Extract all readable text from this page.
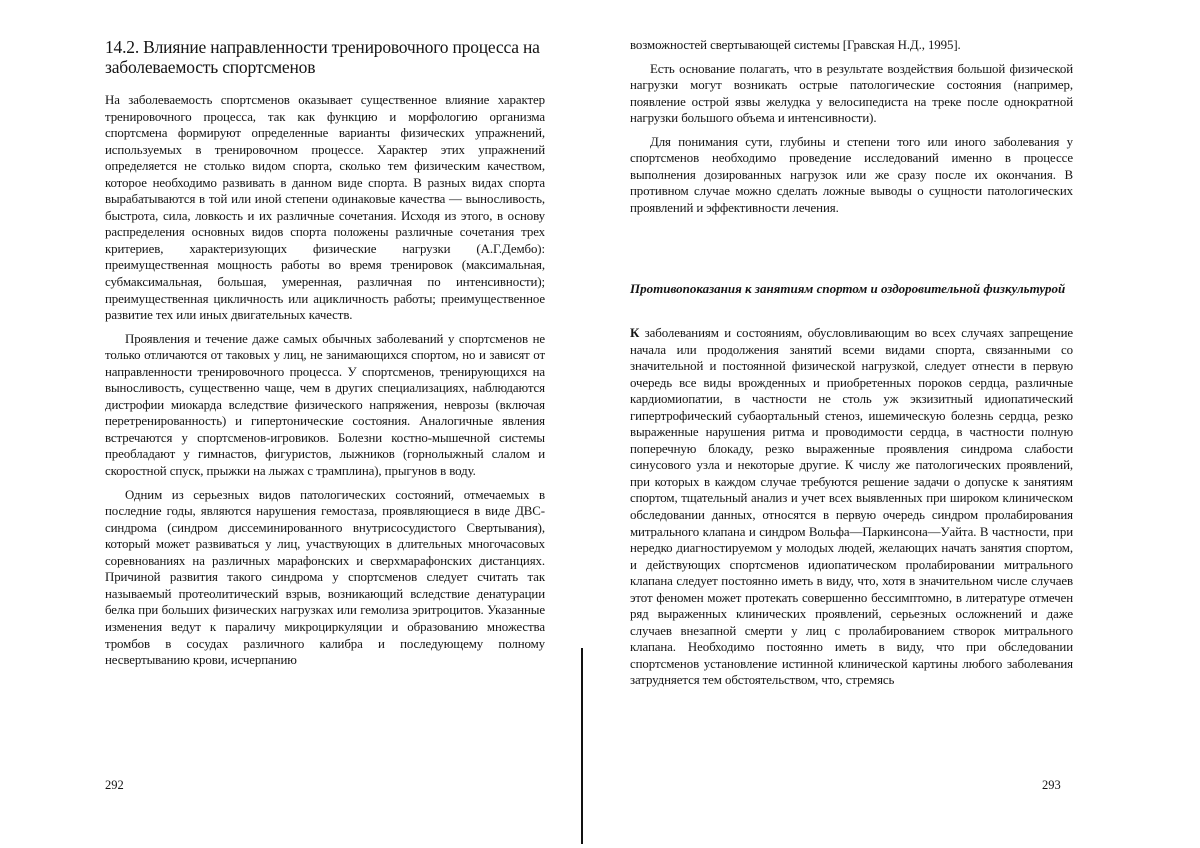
14.2. Влияние направленности тренировочного процесса на заболеваемость спортсменов

На заболеваемость спортсменов оказывает существенное влияние характер тренировочного процесса, так как функцию и морфологию организма спортсмена формируют определенные варианты физических упражнений, используемых в тренировочном процессе. Характер этих упражнений определяется не столько видом спорта, сколько тем физическим качеством, которое необходимо развивать в данном виде спорта. В разных видах спорта вырабатываются в той или иной степени одинаковые качества — выносливость, быстрота, сила, ловкость и их различные сочетания. Исходя из этого, в основу распределения основных видов спорта положены различные сочетания трех критериев, характеризующих физические нагрузки (А.Г.Дембо): преимущественная мощность работы во время тренировок (максимальная, субмаксимальная, большая, умеренная, различная по интенсивности); преимущественная цикличность или ацикличность работы; преимущественное развитие тех или иных двигательных качеств.

Проявления и течение даже самых обычных заболеваний у спортсменов не только отличаются от таковых у лиц, не занимающихся спортом, но и зависят от направленности тренировочного процесса. У спортсменов, тренирующихся на выносливость, существенно чаще, чем в других специализациях, наблюдаются дистрофии миокарда вследствие физического напряжения, неврозы (включая перетренированность) и гипертонические состояния. Аналогичные явления встречаются у спортсменов-игровиков. Болезни костно-мышечной системы преобладают у гимнастов, фигуристов, лыжников (горнолыжный слалом и скоростной спуск, прыжки на лыжах с трамплина), прыгунов в воду.

Одним из серьезных видов патологических состояний, отмечаемых в последние годы, являются нарушения гемостаза, проявляющиеся в виде ДВС-синдрома (синдром диссеминированного внутрисосудистого Свертывания), который может развиваться у лиц, участвующих в длительных многочасовых соревнованиях на различных марафонских и сверхмарафонских дистанциях. Причиной развития такого синдрома у спортсменов следует считать так называемый протеолитический взрыв, возникающий вследствие денатурации белка при больших физических нагрузках или гемолиза эритроцитов. Указанные изменения ведут к параличу микроциркуляции и образованию множества тромбов в сосудах различного калибра и последующему полному несвертыванию крови, исчерпанию

292

возможностей свертывающей системы [Гравская Н.Д., 1995].

Есть основание полагать, что в результате воздействия большой физической нагрузки могут возникать острые патологические состояния (например, появление острой язвы желудка у велосипедиста на треке после однократной нагрузки большого объема и интенсивности).

Для понимания сути, глубины и степени того или иного заболевания у спортсменов необходимо проведение исследований именно в процессе выполнения дозированных нагрузок или же сразу после их окончания. В противном случае можно сделать ложные выводы о сущности патологических проявлений и эффективности лечения.

Противопоказания к занятиям спортом и оздоровительной физкультурой

К заболеваниям и состояниям, обусловливающим во всех случаях запрещение начала или продолжения занятий всеми видами спорта, связанными со значительной и постоянной физической нагрузкой, следует отнести в первую очередь все виды врожденных и приобретенных пороков сердца, различные кардиомиопатии, в частности не столь уж экзизитный идиопатический гипертрофический субаортальный стеноз, ишемическую болезнь сердца, резко выраженные нарушения ритма и проводимости сердца, в частности полную поперечную блокаду, резко выраженные проявления синдрома слабости синусового узла и некоторые другие. К числу же патологических проявлений, при которых в каждом случае требуются решение задачи о допуске к занятиям спортом, тщательный анализ и учет всех выявленных при широком клиническом обследовании данных, относятся в первую очередь синдром пролабирования митрального клапана и синдром Вольфа—Паркинсона—Уайта. В частности, при нередко диагностируемом у молодых людей, желающих начать занятия спортом, и действующих спортсменов идиопатическом пролабировании митрального клапана следует постоянно иметь в виду, что, хотя в значительном числе случаев этот феномен может протекать совершенно бессимптомно, в литературе отмечен ряд выраженных клинических проявлений, серьезных осложнений и даже случаев внезапной смерти у лиц с пролабированием створок митрального клапана. Необходимо постоянно иметь в виду, что при обследовании спортсменов установление истинной клинической картины любого заболевания затрудняется тем обстоятельством, что, стремясь

293
